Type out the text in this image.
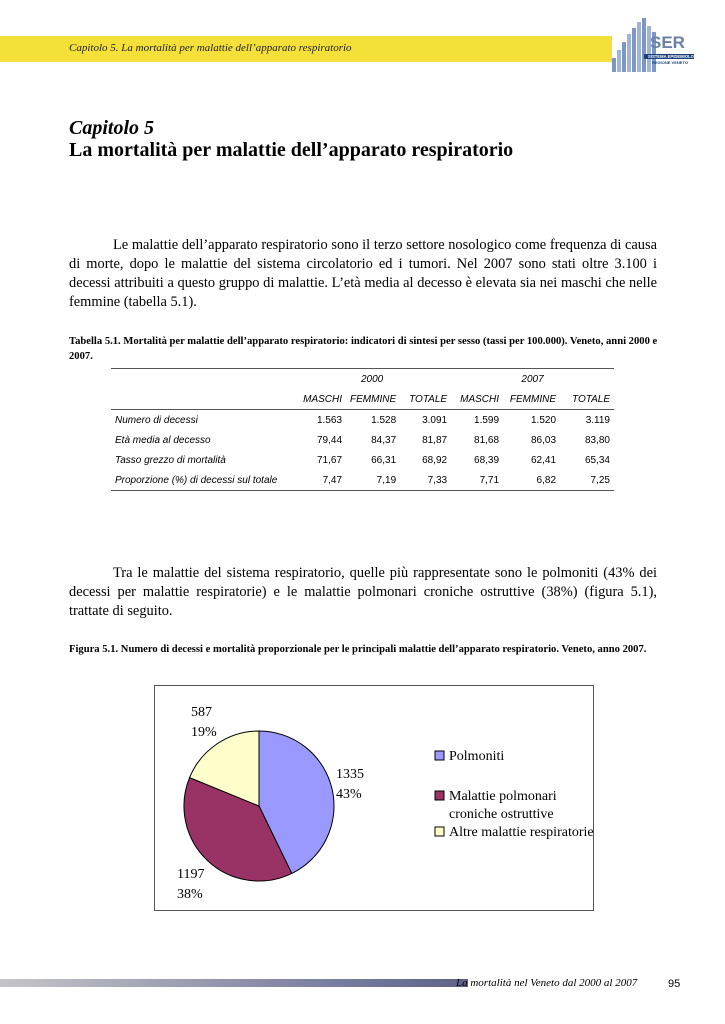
Capitolo 5. La mortalità per malattie dell’apparato respiratorio	SER
SISTEMA EPIDEMIOLOGICO
REGIONE VENETO
Capitolo 5
La mortalità per malattie dell’apparato respiratorio
Le malattie dell’apparato respiratorio sono il terzo settore nosologico come frequenza di causa di morte, dopo le malattie del sistema circolatorio ed i tumori. Nel 2007 sono stati oltre 3.100 i decessi attribuiti a questo gruppo di malattie. L’età media al decesso è elevata sia nei maschi che nelle femmine (tabella 5.1).
Tabella 5.1. Mortalità per malattie dell’apparato respiratorio: indicatori di sintesi per sesso (tassi per 100.000). Veneto, anni 2000 e 2007.
	2000			2007		
	MASCHI	FEMMINE	TOTALE	MASCHI	FEMMINE	TOTALE
Numero di decessi	1.563	1.528	3.091	1.599	1.520	3.119
Età media al decesso	79,44	84,37	81,87	81,68	86,03	83,80
Tasso grezzo di mortalità	71,67	66,31	68,92	68,39	62,41	65,34
Proporzione (%) di decessi sul totale	7,47	7,19	7,33	7,71	6,82	7,25
Tra le malattie del sistema respiratorio, quelle più rappresentate sono le polmoniti (43% dei decessi per malattie respiratorie) e le malattie polmonari croniche ostruttive (38%) (figura 5.1), trattate di seguito.
Figura 5.1. Numero di decessi e mortalità proporzionale per le principali malattie dell’apparato respiratorio. Veneto, anno 2007.
1335
43%
1197
38%
587
19%
Polmoniti
Malattie polmonari
croniche ostruttive
Altre malattie respiratorie
La mortalità nel Veneto dal 2000 al 2007	95
